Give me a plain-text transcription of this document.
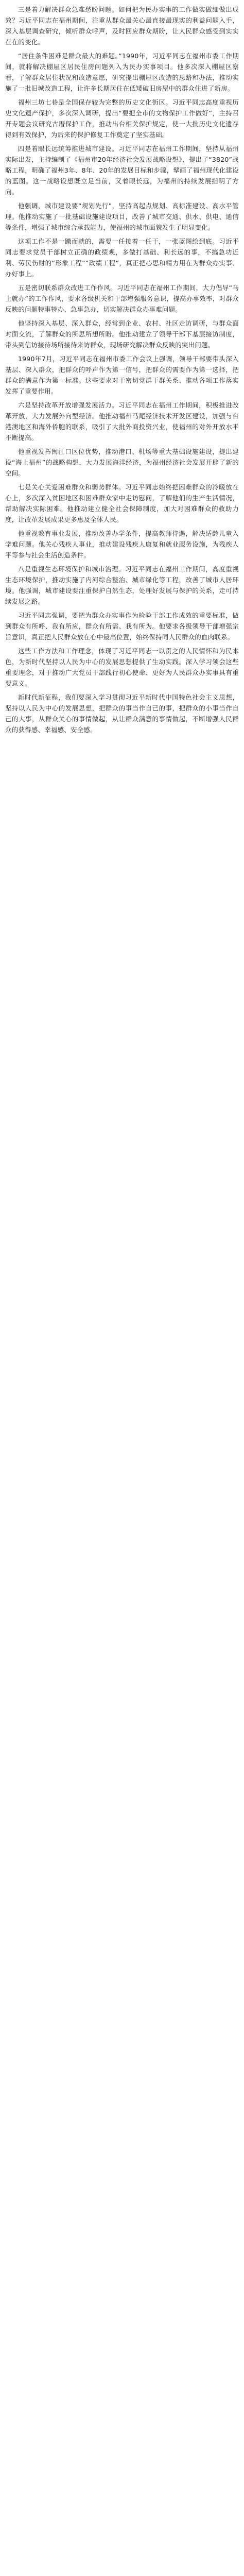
三是着力解决群众急难愁盼问题。如何把为民办实事的工作做实做细做出成效？习近平同志在福州期间，注重从群众最关心最直接最现实的利益问题入手，深入基层调查研究，倾听群众呼声，及时回应群众期盼，让人民群众感受到实实在在的变化。

“居住条件困难是群众最大的难题。”1990年，习近平同志在福州市委工作期间，就将解决棚屋区居民住房问题列入为民办实事项目。他多次深入棚屋区察看，了解群众居住状况和改造意愿，研究提出棚屋区改造的思路和办法，推动实施了一批旧城改造工程，让许多长期居住在低矮破旧房屋中的群众住进了新房。

福州三坊七巷是全国保存较为完整的历史文化街区。习近平同志高度重视历史文化遗产保护，多次深入调研，提出“要把全市的文物保护工作做好”，主持召开专题会议研究古厝保护工作，推动出台相关保护规定，使一大批历史文化遗存得到有效保护，为后来的保护修复工作奠定了坚实基础。

四是着眼长远统筹推进城市建设。习近平同志在福州工作期间，坚持从福州实际出发，主持编制了《福州市20年经济社会发展战略设想》，提出了“3820”战略工程，明确了福州3年、8年、20年的发展目标和步骤，擘画了福州现代化建设的蓝图。这一战略设想既立足当前，又着眼长远，为福州的持续发展指明了方向。

他强调，城市建设要“规划先行”，坚持高起点规划、高标准建设、高水平管理。他推动实施了一批基础设施建设项目，改善了城市交通、供水、供电、通信等条件，增强了城市综合承载能力，使福州的城市面貌发生了明显变化。

这项工作不是一蹴而就的，需要一任接着一任干，一张蓝图绘到底。习近平同志要求党员干部树立正确的政绩观，多做打基础、利长远的事，不搞急功近利、劳民伤财的“形象工程”“政绩工程”，真正把心思和精力用在为群众办实事、办好事上。

五是密切联系群众改进工作作风。习近平同志在福州工作期间，大力倡导“马上就办”的工作作风，要求各级机关和干部增强服务意识，提高办事效率，对群众反映的问题特事特办、急事急办，切实解决群众办事难问题。

他坚持深入基层、深入群众，经常到企业、农村、社区走访调研，与群众面对面交流，了解群众的所思所想所盼。他推动建立了领导干部下基层接访制度，带头到信访接待场所接待来访群众，现场研究解决群众反映的突出问题。

1990年7月，习近平同志在福州市委工作会议上强调，领导干部要带头深入基层、深入群众，把群众的呼声作为第一信号，把群众的需要作为第一选择，把群众的满意作为第一标准。这些要求对于密切党群干群关系、推动各项工作落实发挥了重要作用。

六是坚持改革开放增强发展活力。习近平同志在福州工作期间，积极推进改革开放，大力发展外向型经济。他推动福州马尾经济技术开发区建设，加强与台港澳地区和海外侨胞的联系，吸引了大批外商投资兴业，使福州的对外开放水平不断提高。

他重视发挥闽江口区位优势，推动港口、机场等重大基础设施建设，提出建设“海上福州”的战略构想，大力发展海洋经济，为福州经济社会发展开辟了新的空间。

七是关心关爱困难群众和弱势群体。习近平同志始终把困难群众的冷暖放在心上，多次深入贫困地区和困难群众家中走访慰问，了解他们的生产生活情况，帮助解决实际困难。他推动建立健全社会保障制度，加大对困难群众的救助力度，让改革发展成果更多惠及全体人民。

他重视教育事业发展，推动改善办学条件，提高教师待遇，解决适龄儿童入学难问题。他关心残疾人事业，推动建设残疾人康复和就业服务设施，为残疾人平等参与社会生活创造条件。

八是重视生态环境保护和城市治理。习近平同志在福州工作期间，高度重视生态环境保护，推动实施了内河综合整治、城市绿化等工程，改善了城市人居环境。他强调，城市建设要注重保护自然生态，处理好发展与保护的关系，走可持续发展之路。

习近平同志强调，要把为群众办实事作为检验干部工作成效的重要标准，做到群众有所呼、我有所应，群众有所需、我有所为。他要求各级领导干部增强宗旨意识，真正把人民群众放在心中最高位置，始终保持同人民群众的血肉联系。

这些工作方法和工作理念，体现了习近平同志一以贯之的人民情怀和为民本色，为新时代坚持以人民为中心的发展思想提供了生动实践。深入学习领会这些重要理念，对于推动广大党员干部践行初心使命、更好为人民群众办实事具有重要意义。

新时代新征程，我们要深入学习贯彻习近平新时代中国特色社会主义思想，坚持以人民为中心的发展思想，把群众的事当作自己的事，把群众的小事当作自己的大事，从群众关心的事情做起，从让群众满意的事情做起，不断增强人民群众的获得感、幸福感、安全感。
